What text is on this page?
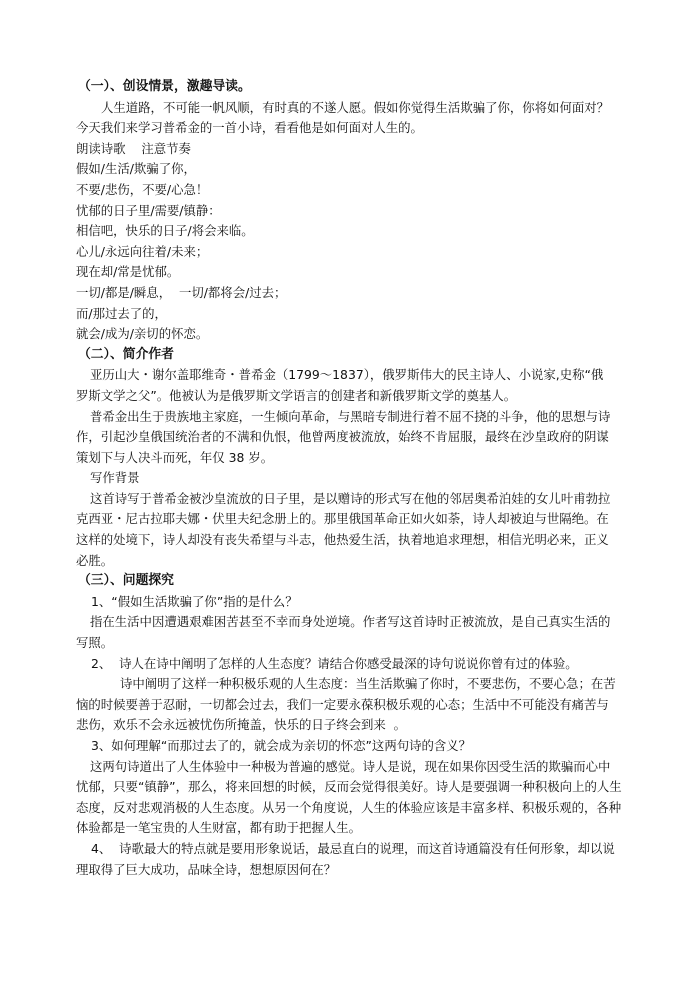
（一）、创设情景，激趣导读。
人生道路，不可能一帆风顺，有时真的不遂人愿。假如你觉得生活欺骗了你，你将如何面对？
今天我们来学习普希金的一首小诗，看看他是如何面对人生的。
朗读诗歌    注意节奏
假如/生活/欺骗了你，
不要/悲伤，不要/心急！
忧郁的日子里/需要/镇静：
相信吧，快乐的日子/将会来临。
心儿/永远向往着/未来；
现在却/常是忧郁。
一切/都是/瞬息，  一切/都将会/过去；
而/那过去了的，
就会/成为/亲切的怀恋。
（二）、简介作者
亚历山大・谢尔盖耶维奇・普希金（1799～1837），俄罗斯伟大的民主诗人、小说家,史称“俄
罗斯文学之父”。他被认为是俄罗斯文学语言的创建者和新俄罗斯文学的奠基人。
普希金出生于贵族地主家庭，一生倾向革命，与黑暗专制进行着不屈不挠的斗争，他的思想与诗
作，引起沙皇俄国统治者的不满和仇恨，他曾两度被流放，始终不肯屈服，最终在沙皇政府的阴谋
策划下与人决斗而死，年仅 38 岁。
写作背景
这首诗写于普希金被沙皇流放的日子里，是以赠诗的形式写在他的邻居奥希泊娃的女儿叶甫勃拉
克西亚・尼古拉耶夫娜・伏里夫纪念册上的。那里俄国革命正如火如荼，诗人却被迫与世隔绝。在
这样的处境下，诗人却没有丧失希望与斗志，他热爱生活，执着地追求理想，相信光明必来，正义
必胜。
（三）、问题探究
1、“假如生活欺骗了你”指的是什么？
指在生活中因遭遇艰难困苦甚至不幸而身处逆境。作者写这首诗时正被流放，是自己真实生活的
写照。
2、  诗人在诗中阐明了怎样的人生态度？请结合你感受最深的诗句说说你曾有过的体验。
诗中阐明了这样一种积极乐观的人生态度：当生活欺骗了你时，不要悲伤，不要心急；在苦
恼的时候要善于忍耐，一切都会过去，我们一定要永葆积极乐观的心态；生活中不可能没有痛苦与
悲伤，欢乐不会永远被忧伤所掩盖，快乐的日子终会到来  。
3、如何理解“而那过去了的，就会成为亲切的怀恋”这两句诗的含义？
这两句诗道出了人生体验中一种极为普遍的感觉。诗人是说，现在如果你因受生活的欺骗而心中
忧郁，只要“镇静”，那么，将来回想的时候，反而会觉得很美好。诗人是要强调一种积极向上的人生
态度，反对悲观消极的人生态度。从另一个角度说，人生的体验应该是丰富多样、积极乐观的，各种
体验都是一笔宝贵的人生财富，都有助于把握人生。
4、  诗歌最大的特点就是要用形象说话，最忌直白的说理，而这首诗通篇没有任何形象，却以说
理取得了巨大成功，品味全诗，想想原因何在？
